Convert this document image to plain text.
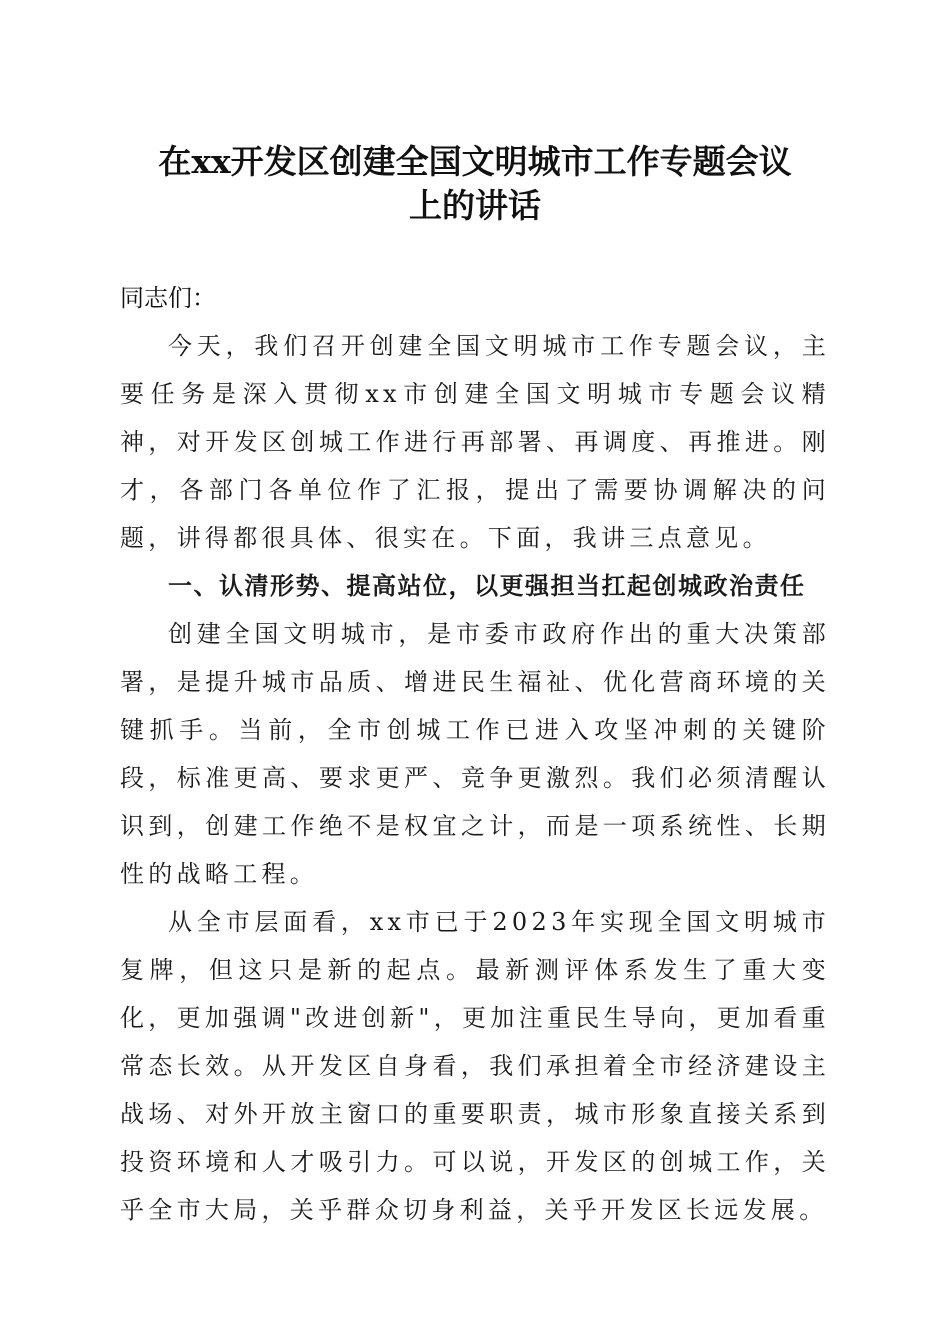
在xx开发区创建全国文明城市工作专题会议
上的讲话

同志们：

今天，我们召开创建全国文明城市工作专题会议，主要任务是深入贯彻xx市创建全国文明城市专题会议精神，对开发区创城工作进行再部署、再调度、再推进。刚才，各部门各单位作了汇报，提出了需要协调解决的问题，讲得都很具体、很实在。下面，我讲三点意见。

一、认清形势、提高站位，以更强担当扛起创城政治责任

创建全国文明城市，是市委市政府作出的重大决策部署，是提升城市品质、增进民生福祉、优化营商环境的关键抓手。当前，全市创城工作已进入攻坚冲刺的关键阶段，标准更高、要求更严、竞争更激烈。我们必须清醒认识到，创建工作绝不是权宜之计，而是一项系统性、长期性的战略工程。

从全市层面看，xx市已于2023年实现全国文明城市复牌，但这只是新的起点。最新测评体系发生了重大变化，更加强调"改进创新"，更加注重民生导向，更加看重常态长效。从开发区自身看，我们承担着全市经济建设主战场、对外开放主窗口的重要职责，城市形象直接关系到投资环境和人才吸引力。可以说，开发区的创城工作，关乎全市大局，关乎群众切身利益，关乎开发区长远发展。
